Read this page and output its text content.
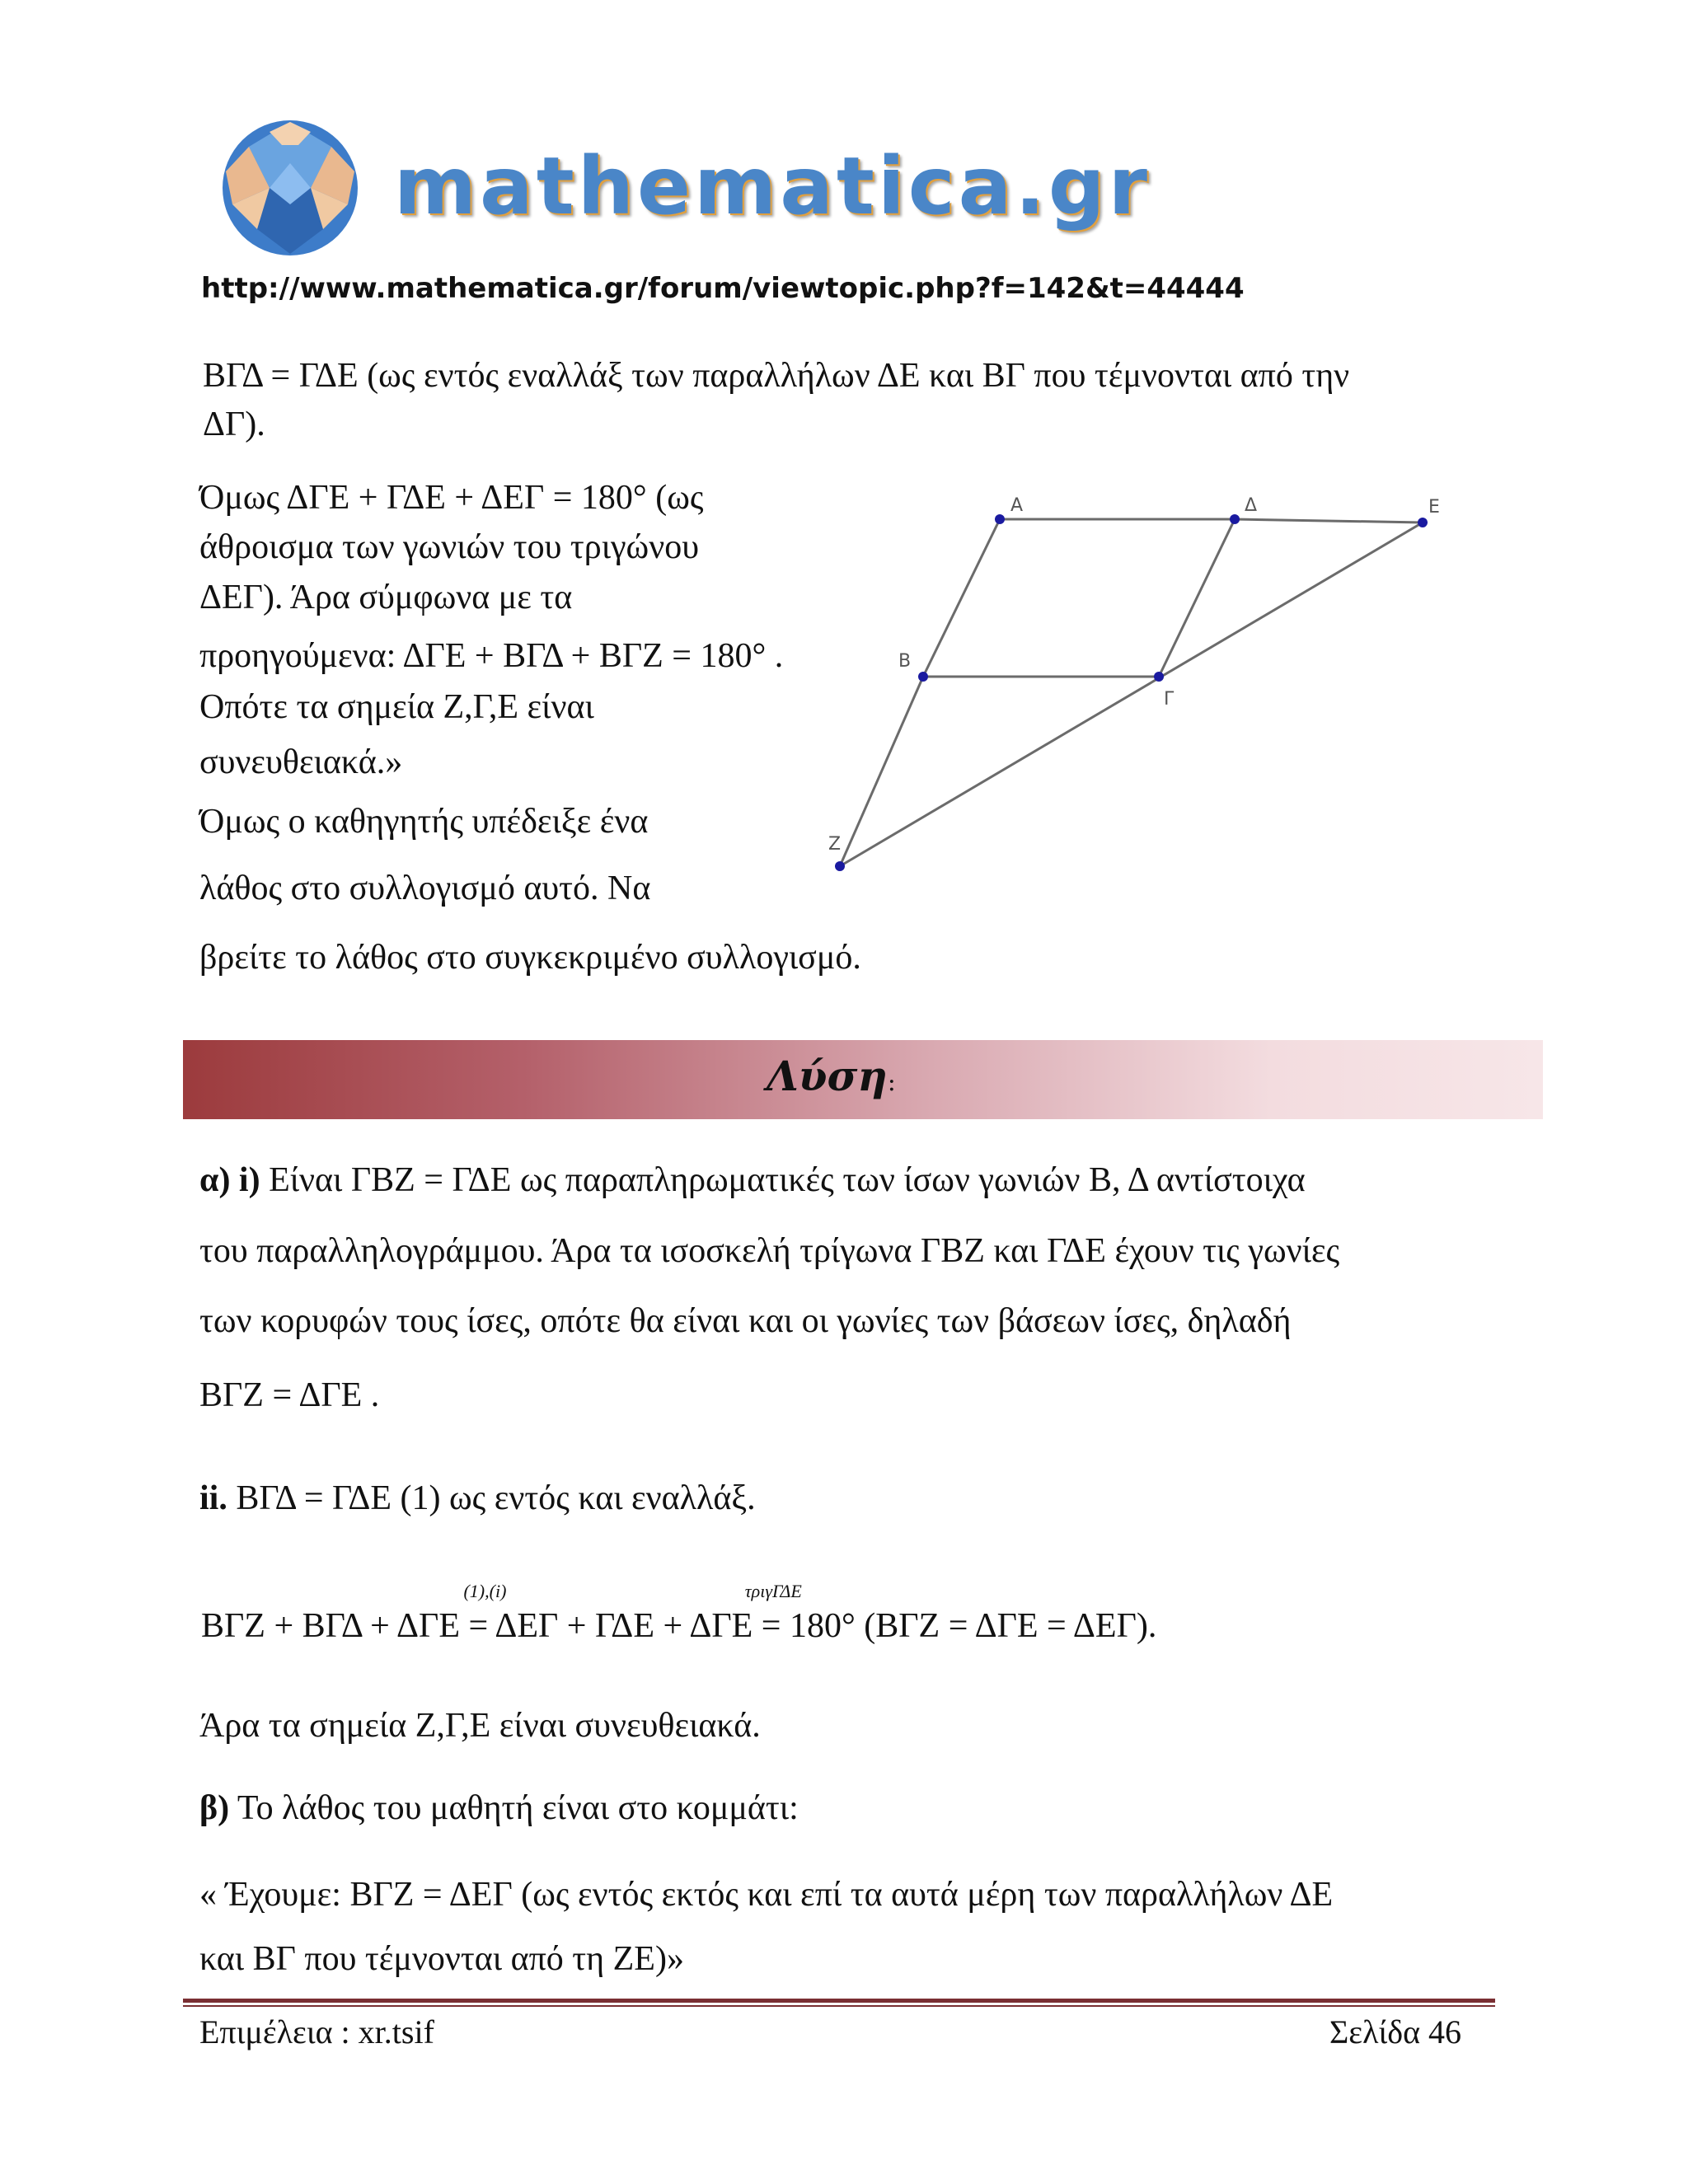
mathematica.gr
http://www.mathematica.gr/forum/viewtopic.php?f=142&t=44444
ΒΓΔ = ΓΔΕ (ως εντός εναλλάξ των παραλλήλων ΔΕ και ΒΓ που τέμνονται από την
ΔΓ).
Όμως ΔΓΕ + ΓΔΕ + ΔΕΓ = 180° (ως
άθροισμα των γωνιών του τριγώνου
ΔΕΓ). Άρα σύμφωνα με τα
προηγούμενα: ΔΓΕ + ΒΓΔ + ΒΓΖ = 180° .
Οπότε τα σημεία Ζ,Γ,Ε είναι
συνευθειακά.»
Όμως ο καθηγητής υπέδειξε ένα
λάθος στο συλλογισμό αυτό. Να
βρείτε το λάθος στο συγκεκριμένο συλλογισμό.
A	Δ	Ε
Β
Γ
Ζ
Λύση:
α) i) Είναι ΓΒΖ = ΓΔΕ ως παραπληρωματικές των ίσων γωνιών Β, Δ αντίστοιχα
του παραλληλογράμμου. Άρα τα ισοσκελή τρίγωνα ΓΒΖ και ΓΔΕ έχουν τις γωνίες
των κορυφών τους ίσες, οπότε θα είναι και οι γωνίες των βάσεων ίσες, δηλαδή
ΒΓΖ = ΔΓΕ .
ii. ΒΓΔ = ΓΔΕ (1) ως εντός και εναλλάξ.
ΒΓΖ + ΒΓΔ + ΔΓΕ
(1),(i)
= ΔΕΓ + ΓΔΕ + ΔΓΕ
τριγΓΔΕ
= 180° (ΒΓΖ = ΔΓΕ = ΔΕΓ).
Άρα τα σημεία Ζ,Γ,Ε είναι συνευθειακά.
β) Το λάθος του μαθητή είναι στο κομμάτι:
« Έχουμε: ΒΓΖ = ΔΕΓ (ως εντός εκτός και επί τα αυτά μέρη των παραλλήλων ΔΕ
και ΒΓ που τέμνονται από τη ΖΕ)»
Επιμέλεια : xr.tsif	Σελίδα 46
